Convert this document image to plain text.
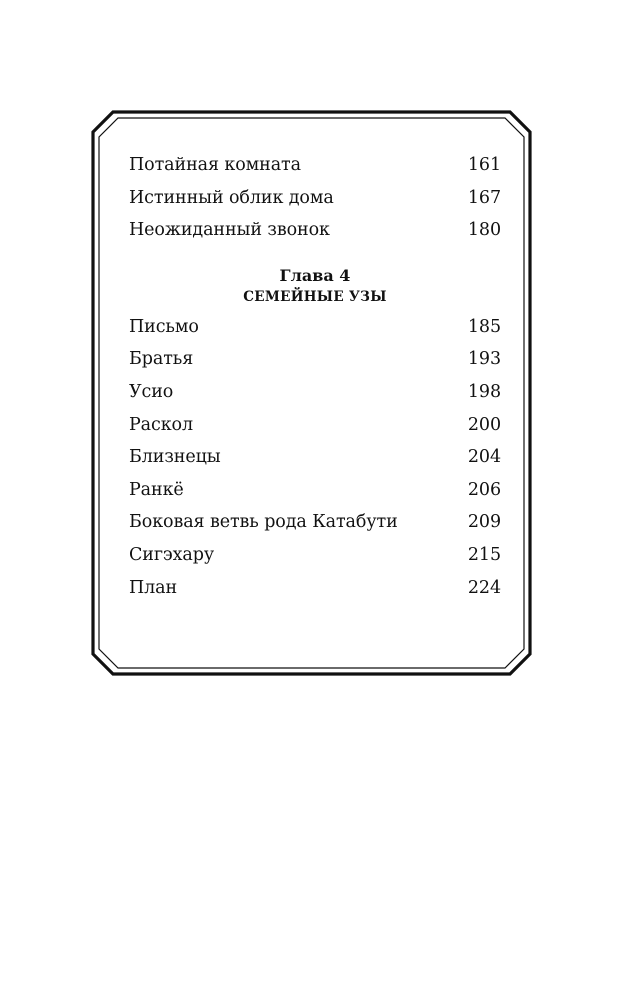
Потайная комната	161
Истинный облик дома	167
Неожиданный звонок	180
Глава 4
СЕМЕЙНЫЕ УЗЫ
Письмо	185
Братья	193
Усио	198
Раскол	200
Близнецы	204
Ранкё	206
Боковая ветвь рода Катабути	209
Сигэхару	215
План	224
